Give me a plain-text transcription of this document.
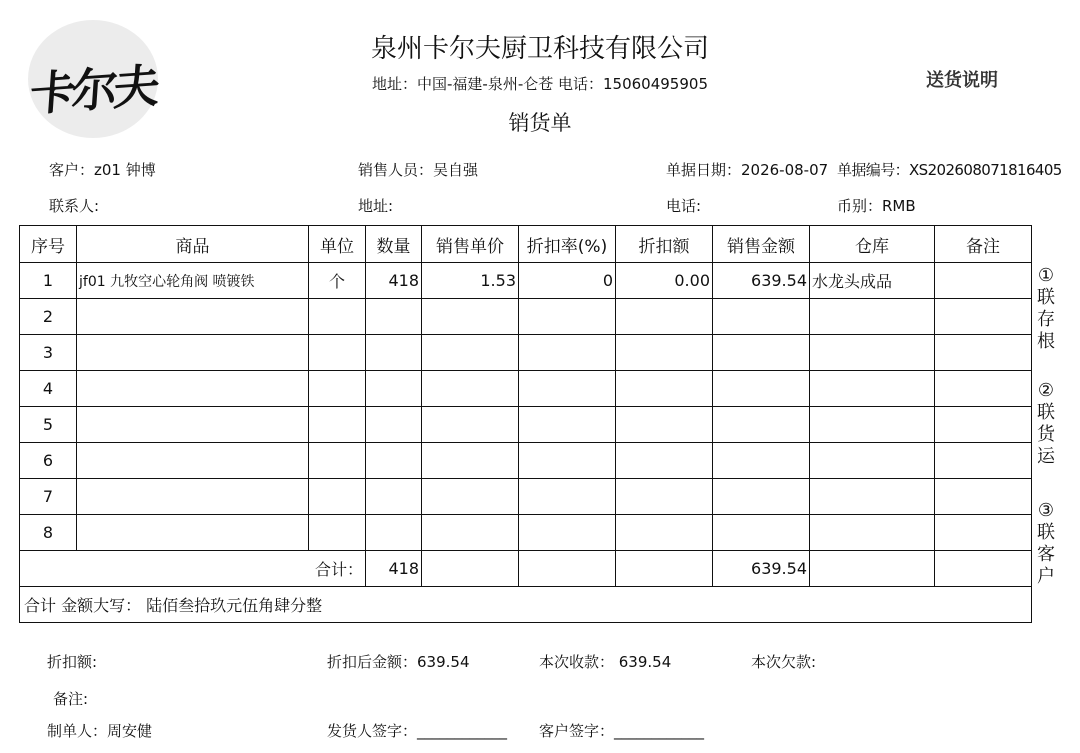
卡尔夫
泉州卡尔夫厨卫科技有限公司
地址：中国-福建-泉州-仑苍 电话：15060495905	送货说明
销货单
客户：z01 钟博	销售人员：吴自强	单据日期：2026-08-07 单据编号：XS202608071816405
联系人:	地址:	电话:	币别：RMB
序号	商品	单位	数量	销售单价	折扣率(%)	折扣额	销售金额	仓库	备注
1	jf01 九牧空心轮角阀 喷镀铁	个	418	1.53	0	0.00	639.54	水龙头成品	
2									
3									
4									
5									
6									
7									
8									
合计：			418				639.54		
合计 金额大写： 陆佰叁拾玖元伍角肆分整									
①
联
存
根
②
联
货
运
③
联
客
户
折扣额:	折扣后金额：639.54	本次收款： 639.54	本次欠款:
备注:
制单人：周安健	发货人签字：____________ 客户签字：____________
